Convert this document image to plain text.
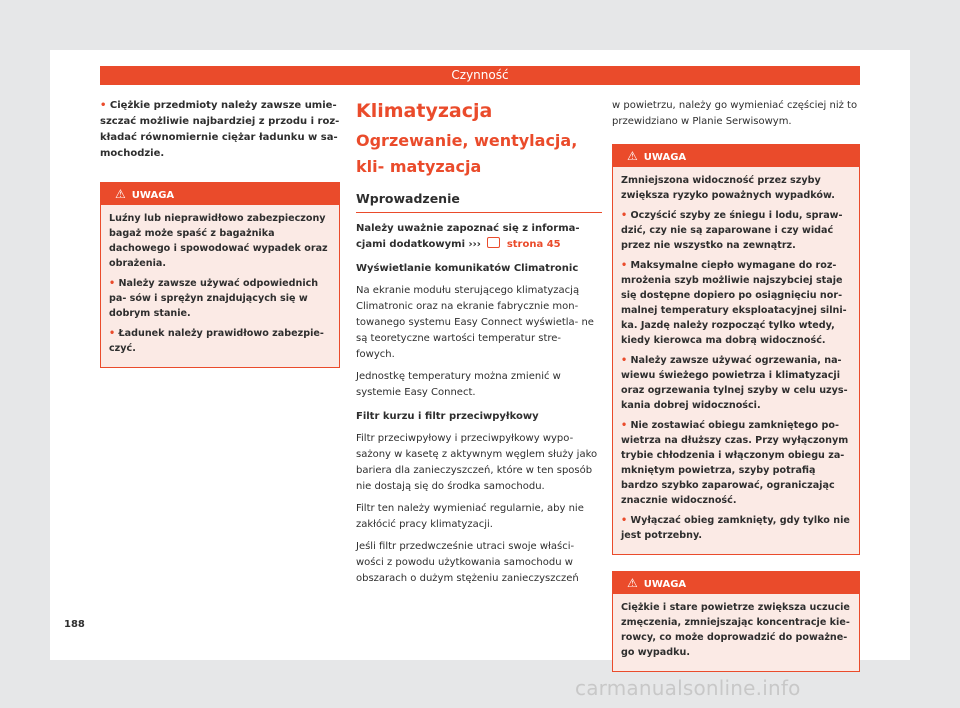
Czynność

• Ciężkie przedmioty należy zawsze umie- szczać możliwie najbardziej z przodu i roz- kładać równomiernie ciężar ładunku w sa- mochodzie.

⚠ UWAGA

Luźny lub nieprawidłowo zabezpieczony bagaż może spaść z bagażnika dachowego i spowodować wypadek oraz obrażenia.

• Należy zawsze używać odpowiednich pa- sów i sprężyn znajdujących się w dobrym stanie.

• Ładunek należy prawidłowo zabezpie- czyć.

Klimatyzacja
Ogrzewanie, wentylacja, kli- matyzacja
Wprowadzenie

Należy uważnie zapoznać się z informa- cjami dodatkowymi ›››	strona 45

Wyświetlanie komunikatów Climatronic

Na ekranie modułu sterującego klimatyzacją Climatronic oraz na ekranie fabrycznie mon- towanego systemu Easy Connect wyświetla- ne są teoretyczne wartości temperatur stre- fowych.

Jednostkę temperatury można zmienić w systemie Easy Connect.

Filtr kurzu i filtr przeciwpyłkowy

Filtr przeciwpyłowy i przeciwpyłkowy wypo- sażony w kasetę z aktywnym węglem służy jako bariera dla zanieczyszczeń, które w ten sposób nie dostają się do środka samochodu.

Filtr ten należy wymieniać regularnie, aby nie zakłócić pracy klimatyzacji.

Jeśli filtr przedwcześnie utraci swoje właści- wości z powodu użytkowania samochodu w obszarach o dużym stężeniu zanieczyszczeń

w powietrzu, należy go wymieniać częściej niż to przewidziano w Planie Serwisowym.

⚠ UWAGA

Zmniejszona widoczność przez szyby zwiększa ryzyko poważnych wypadków.

• Oczyścić szyby ze śniegu i lodu, spraw- dzić, czy nie są zaparowane i czy widać przez nie wszystko na zewnątrz.

• Maksymalne ciepło wymagane do roz- mrożenia szyb możliwie najszybciej staje się dostępne dopiero po osiągnięciu nor- malnej temperatury eksploatacyjnej silni- ka. Jazdę należy rozpocząć tylko wtedy, kiedy kierowca ma dobrą widoczność.

• Należy zawsze używać ogrzewania, na- wiewu świeżego powietrza i klimatyzacji oraz ogrzewania tylnej szyby w celu uzys- kania dobrej widoczności.

• Nie zostawiać obiegu zamkniętego po- wietrza na dłuższy czas. Przy wyłączonym trybie chłodzenia i włączonym obiegu za- mkniętym powietrza, szyby potrafią bardzo szybko zaparować, ograniczając znacznie widoczność.

• Wyłączać obieg zamknięty, gdy tylko nie jest potrzebny.

⚠ UWAGA

Ciężkie i stare powietrze zwiększa uczucie zmęczenia, zmniejszając koncentracje kie- rowcy, co może doprowadzić do poważne- go wypadku.

188
carmanualsonline.info
